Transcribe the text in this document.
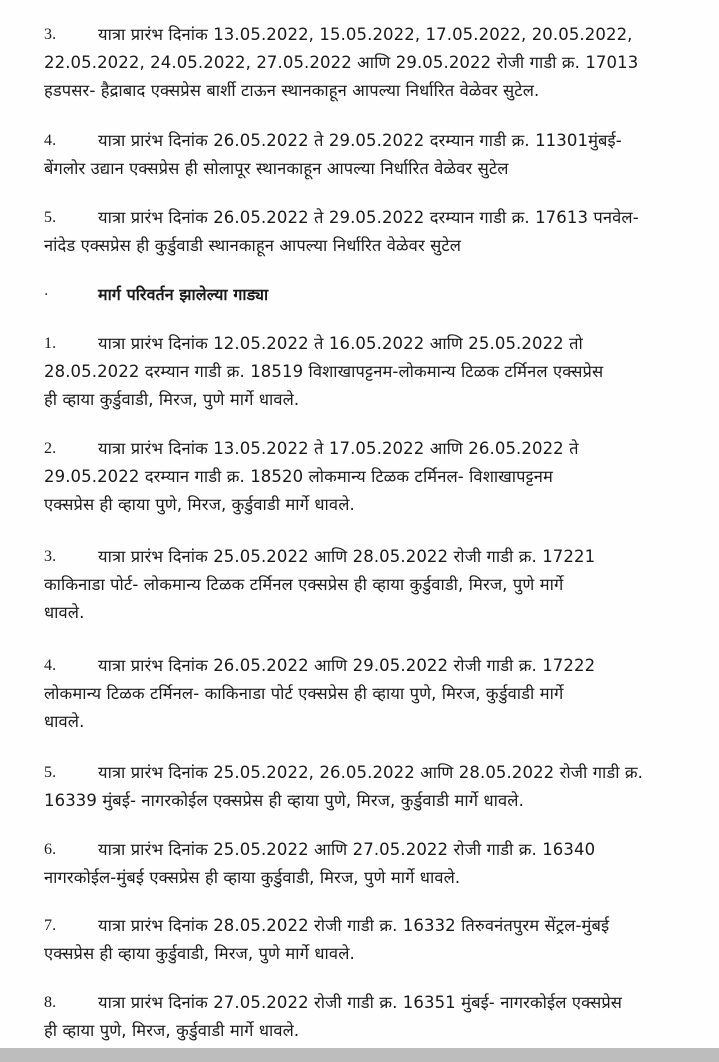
3.	यात्रा प्रारंभ दिनांक 13.05.2022, 15.05.2022, 17.05.2022, 20.05.2022,
22.05.2022, 24.05.2022, 27.05.2022 आणि 29.05.2022 रोजी गाडी क्र. 17013
हडपसर- हैद्राबाद एक्सप्रेस बार्शी टाऊन स्थानकाहून आपल्या निर्धारित वेळेवर सुटेल.
4.	यात्रा प्रारंभ दिनांक 26.05.2022 ते 29.05.2022 दरम्यान गाडी क्र. 11301मुंबई-
बेंगलोर उद्यान एक्सप्रेस ही सोलापूर स्थानकाहून आपल्या निर्धारित वेळेवर सुटेल
5.	यात्रा प्रारंभ दिनांक 26.05.2022 ते 29.05.2022 दरम्यान गाडी क्र. 17613 पनवेल-
नांदेड एक्सप्रेस ही कुर्डुवाडी स्थानकाहून आपल्या निर्धारित वेळेवर सुटेल
·	मार्ग परिवर्तन झालेल्या गाड्या
1.	यात्रा प्रारंभ दिनांक 12.05.2022 ते 16.05.2022 आणि 25.05.2022 तो
28.05.2022 दरम्यान गाडी क्र. 18519 विशाखापट्टनम-लोकमान्य टिळक टर्मिनल एक्सप्रेस
ही व्हाया कुर्डुवाडी, मिरज, पुणे मार्गे धावले.
2.	यात्रा प्रारंभ दिनांक 13.05.2022 ते 17.05.2022 आणि 26.05.2022 ते
29.05.2022 दरम्यान गाडी क्र. 18520 लोकमान्य टिळक टर्मिनल- विशाखापट्टनम
एक्सप्रेस ही व्हाया पुणे, मिरज, कुर्डुवाडी मार्गे धावले.
3.	यात्रा प्रारंभ दिनांक 25.05.2022 आणि 28.05.2022 रोजी गाडी क्र. 17221
काकिनाडा पोर्ट- लोकमान्य टिळक टर्मिनल एक्सप्रेस ही व्हाया कुर्डुवाडी, मिरज, पुणे मार्गे
धावले.
4.	यात्रा प्रारंभ दिनांक 26.05.2022 आणि 29.05.2022 रोजी गाडी क्र. 17222
लोकमान्य टिळक टर्मिनल- काकिनाडा पोर्ट एक्सप्रेस ही व्हाया पुणे, मिरज, कुर्डुवाडी मार्गे
धावले.
5.	यात्रा प्रारंभ दिनांक 25.05.2022, 26.05.2022 आणि 28.05.2022 रोजी गाडी क्र.
16339 मुंबई- नागरकोईल एक्सप्रेस ही व्हाया पुणे, मिरज, कुर्डुवाडी मार्गे धावले.
6.	यात्रा प्रारंभ दिनांक 25.05.2022 आणि 27.05.2022 रोजी गाडी क्र. 16340
नागरकोईल-मुंबई एक्सप्रेस ही व्हाया कुर्डुवाडी, मिरज, पुणे मार्गे धावले.
7.	यात्रा प्रारंभ दिनांक 28.05.2022 रोजी गाडी क्र. 16332 तिरुवनंतपुरम सेंट्रल-मुंबई
एक्सप्रेस ही व्हाया कुर्डुवाडी, मिरज, पुणे मार्गे धावले.
8.	यात्रा प्रारंभ दिनांक 27.05.2022 रोजी गाडी क्र. 16351 मुंबई- नागरकोईल एक्सप्रेस
ही व्हाया पुणे, मिरज, कुर्डुवाडी मार्गे धावले.
